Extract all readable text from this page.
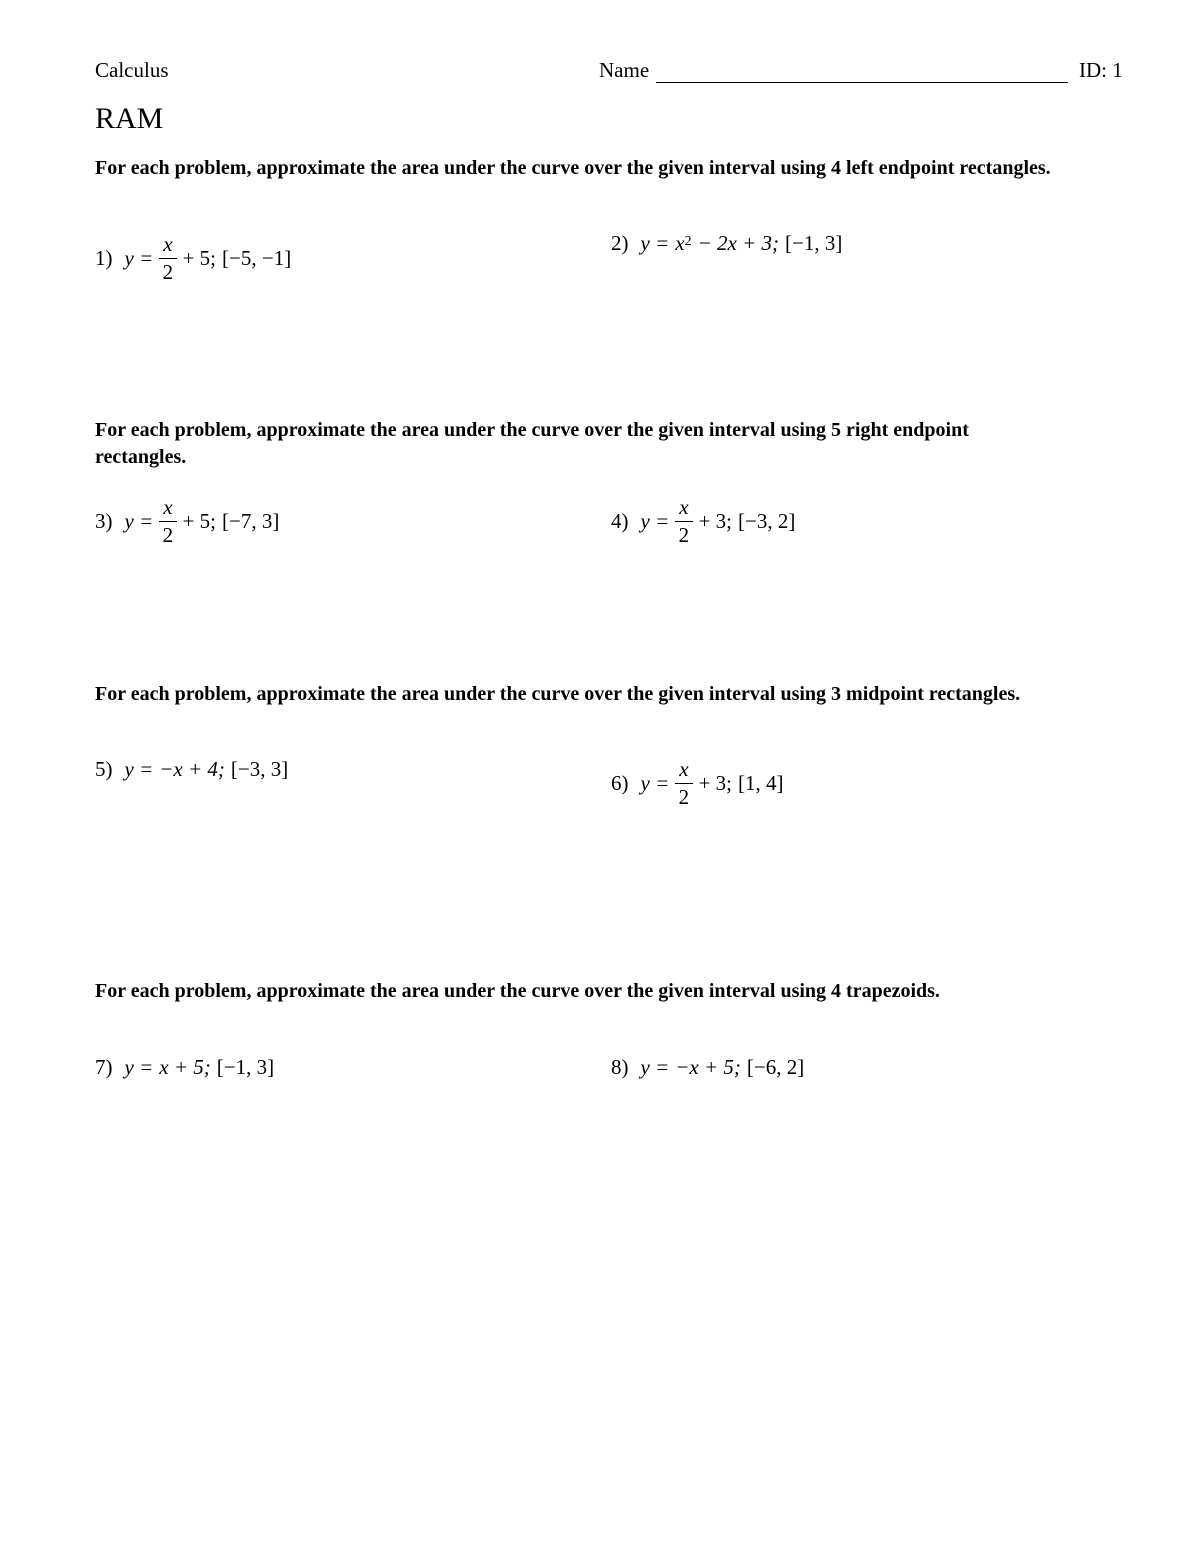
Calculus	Name	ID: 1
RAM
For each problem, approximate the area under the curve over the given interval using 4 left endpoint rectangles.
1) $y = \frac{x}{2} + 5$; [−5, −1]
2) $y = x^2 - 2x + 3$; [−1, 3]
For each problem, approximate the area under the curve over the given interval using 5 right endpoint rectangles.
3) $y = \frac{x}{2} + 5$; [−7, 3]	4) $y = \frac{x}{2} + 3$; [−3, 2]
For each problem, approximate the area under the curve over the given interval using 3 midpoint rectangles.
5) y = −x + 4; [−3, 3]
6) $y = \frac{x}{2} + 3$; [1, 4]
For each problem, approximate the area under the curve over the given interval using 4 trapezoids.
7) y = x + 5; [−1, 3]	8) y = −x + 5; [−6, 2]
